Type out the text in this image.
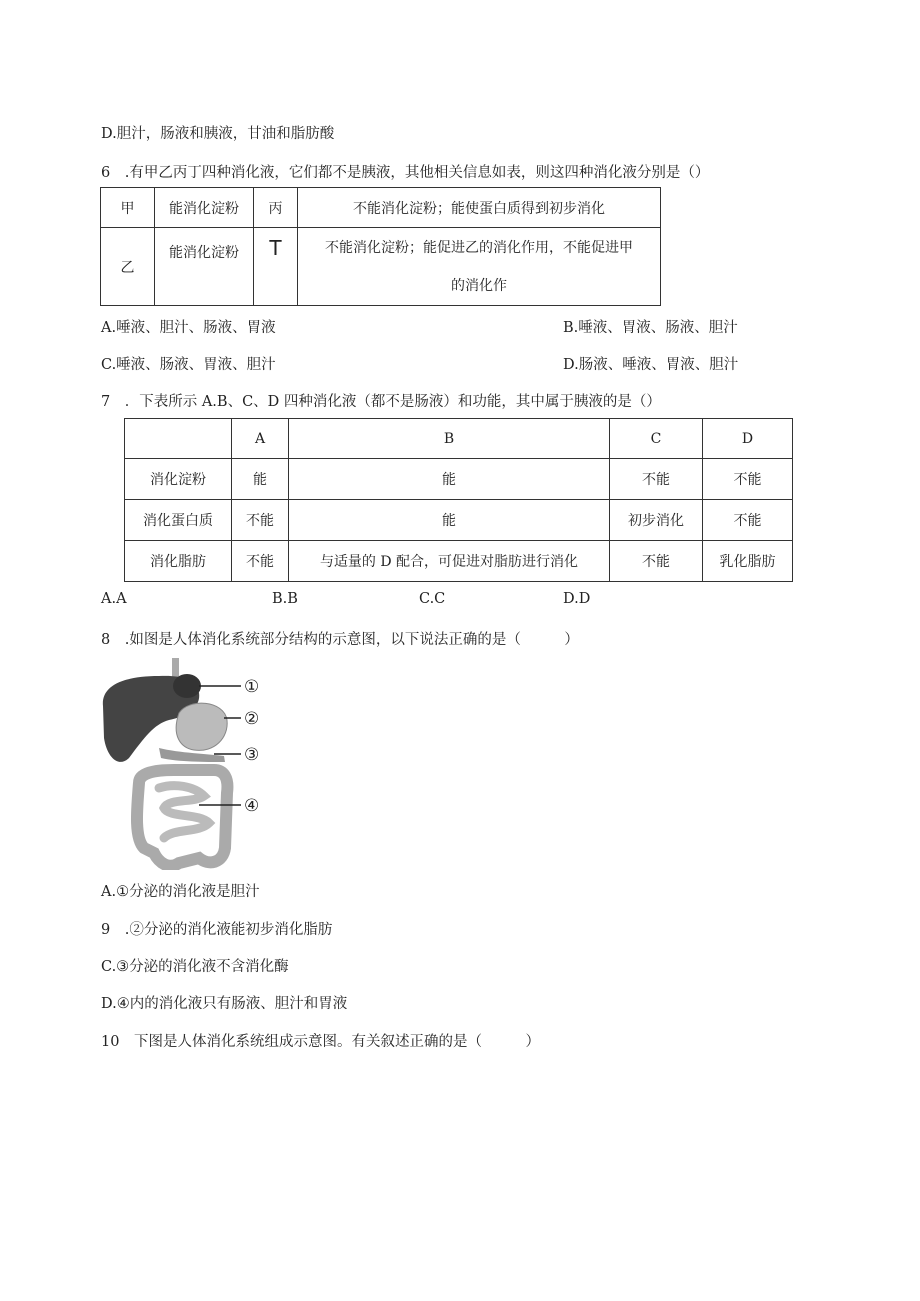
D.胆汁，肠液和胰液，甘油和脂肪酸
6　.有甲乙丙丁四种消化液，它们都不是胰液，其他相关信息如表，则这四种消化液分别是（）
甲	能消化淀粉	丙	不能消化淀粉；能使蛋白质得到初步消化
乙	能消化淀粉	T	不能消化淀粉；能促进乙的消化作用，不能促进甲
的消化作
A.唾液、胆汁、肠液、胃液	B.唾液、胃液、肠液、胆汁
C.唾液、肠液、胃液、胆汁	D.肠液、唾液、胃液、胆汁
7　．下表所示 A.B、C、D 四种消化液（都不是肠液）和功能，其中属于胰液的是（）
	A	B	C	D
消化淀粉	能	能	不能	不能
消化蛋白质	不能	能	初步消化	不能
消化脂肪	不能	与适量的 D 配合，可促进对脂肪进行消化	不能	乳化脂肪
A.A	B.B	C.C	D.D
8　.如图是人体消化系统部分结构的示意图，以下说法正确的是（　　　）
①
②
③
④
A.①分泌的消化液是胆汁
9　.②分泌的消化液能初步消化脂肪
C.③分泌的消化液不含消化酶
D.④内的消化液只有肠液、胆汁和胃液
10　下图是人体消化系统组成示意图。有关叙述正确的是（　　　）
